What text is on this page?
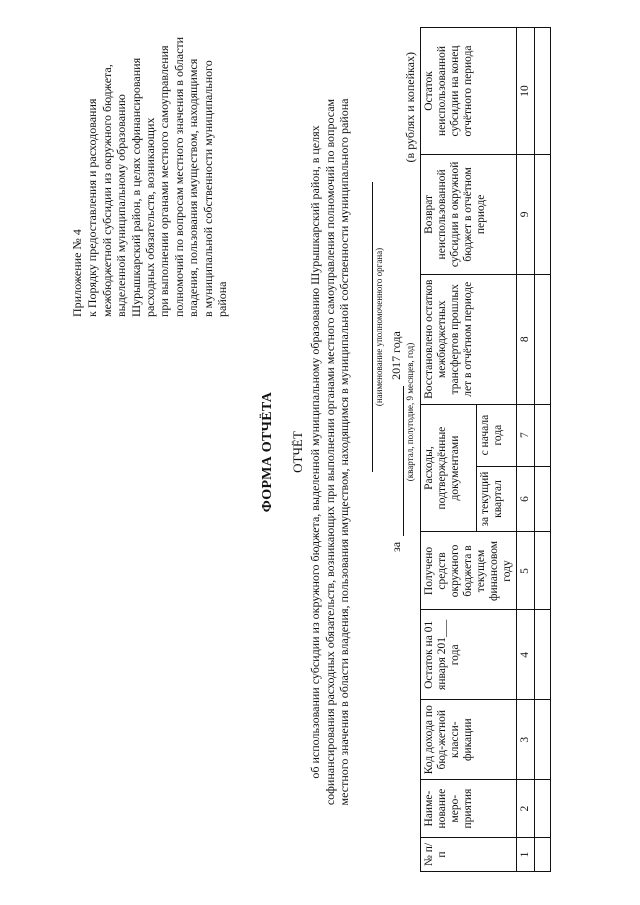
Приложение № 4 к Порядку предоставления и расходования межбюджетной субсидии из окружного бюджета, выделенной муниципальному образованию Шурышкарский район, в целях софинансирования расходных обязательств, возникающих при выполнении органами местного самоуправления полномочий по вопросам местного значения в области владения, пользования имуществом, находящимся в муниципальной собственности муниципального района
ФОРМА ОТЧЁТА ОТЧЁТ об использовании субсидии из окружного бюджета, выделенной муниципальному образованию Шурышкарский район, в целях софинансирования расходных обязательств, возникающих при выполнении органами местного самоуправления полномочий по вопросам местного значения в области владения, пользования имуществом, находящимся в муниципальной собственности муниципального района	(наименование уполномоченного органа)
за  2017 года (квартал, полугодие, 9 месяцев, год)
(в рублях и копейках)
№ п/п	Наиме-нование меро-приятия	Код дохода по бюд-жетной класси-фикации	Остаток на 01 января 201___ года	Получено средств окружного бюджета в текущем финансовом году	Расходы, подтверждённые документами		Восстановлено остатков межбюджетных трансфертов прошлых лет в отчётном периоде	Возврат неиспользованной субсидии в окружной бюджет в отчётном периоде	Остаток неиспользованной субсидии на конец отчётного периода
					за текущий квартал	с начала года			
1	2	3	4	5	6	7	8	9	10
